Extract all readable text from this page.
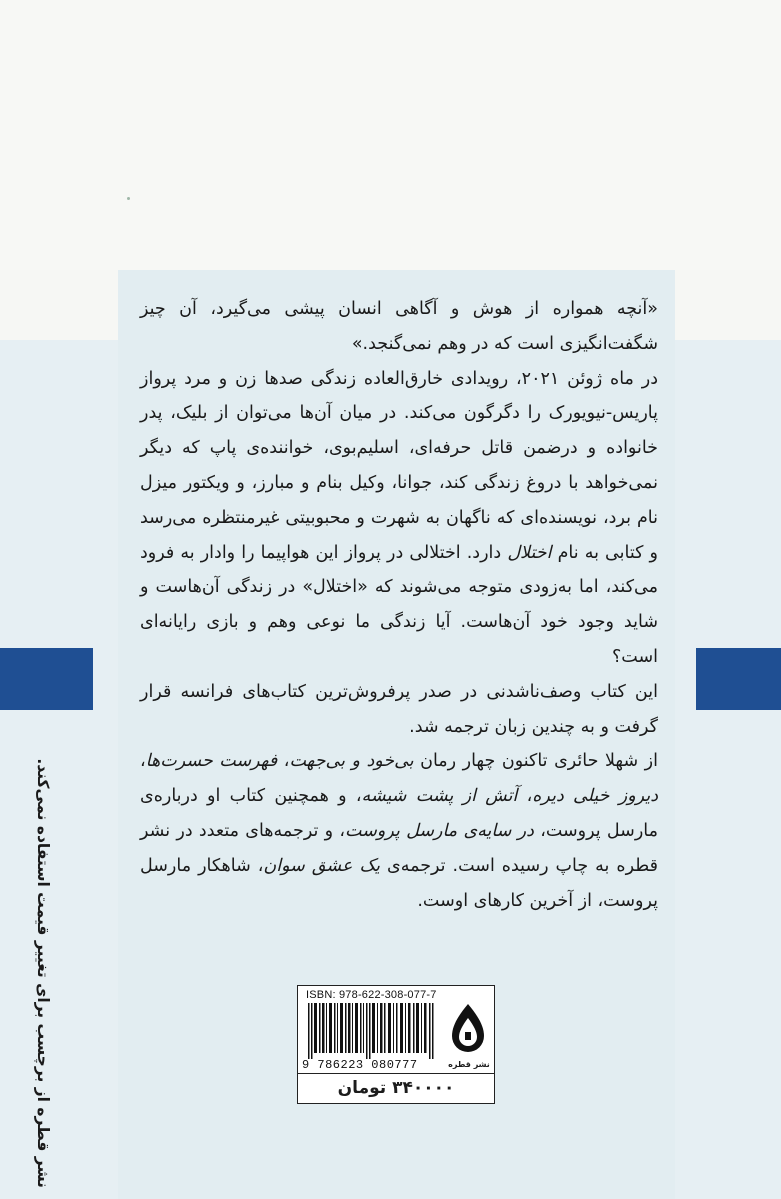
«آنچه همواره از هوش و آگاهی انسان پیشی می‌گیرد، آن چیز شگفت‌انگیزی است که در وهم نمی‌گنجد.»

در ماه ژوئن ۲۰۲۱، رویدادی خارق‌العاده زندگی صدها زن و مرد پرواز پاریس-نیویورک را دگرگون می‌کند. در میان آن‌ها می‌توان از بلیک، پدر خانواده و درضمن قاتل حرفه‌ای، اسلیم‌بوی، خواننده‌ی پاپ که دیگر نمی‌خواهد با دروغ زندگی کند، جوانا، وکیل بنام و مبارز، و ویکتور میزل نام برد، نویسنده‌ای که ناگهان به شهرت و محبوبیتی غیرمنتظره می‌رسد و کتابی به نام اختلال دارد. اختلالی در پرواز این هواپیما را وادار به فرود می‌کند، اما به‌زودی متوجه می‌شوند که «اختلال» در زندگی آن‌هاست و شاید وجود خود آن‌هاست. آیا زندگی ما نوعی وهم و بازی رایانه‌ای است؟

این کتاب وصف‌ناشدنی در صدر پرفروش‌ترین کتاب‌های فرانسه قرار گرفت و به چندین زبان ترجمه شد.

از شهلا حائری تاکنون چهار رمان بی‌خود و بی‌جهت، فهرست حسرت‌ها، دیروز خیلی دیره، آتش از پشت شیشه، و همچنین کتاب او درباره‌ی مارسل پروست، در سایه‌ی مارسل پروست، و ترجمه‌های متعدد در نشر قطره به چاپ رسیده است. ترجمه‌ی یک عشق سوان، شاهکار مارسل پروست، از آخرین کارهای اوست.

نشر قطره از برچسب برای تغییر قیمت استفاده نمی‌کند.	ISBN: 978-622-308-077-7
9 786223 080777	نشر قطره
۳۴۰۰۰۰ تومان
